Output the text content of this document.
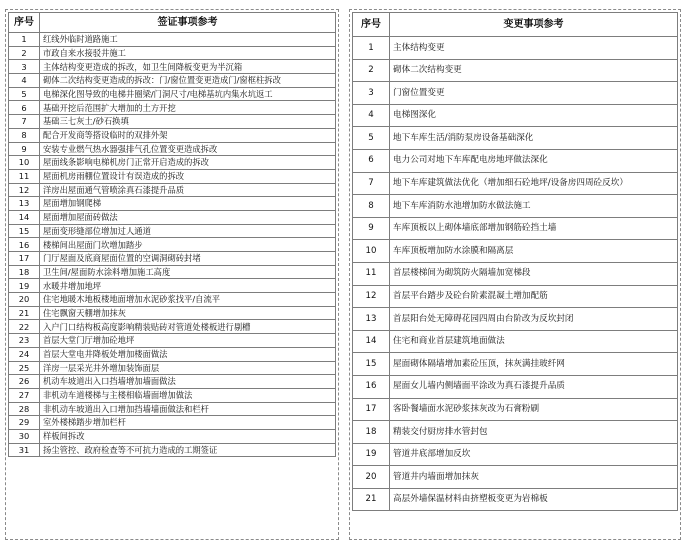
序号	签证事项参考
1	红线外临时道路施工
2	市政自来水接驳井施工
3	主体结构变更造成的拆改，如卫生间降板变更为半沉箱
4	砌体二次结构变更造成的拆改：门/窗位置变更造成门/窗框柱拆改
5	电梯深化图导致的电梯井圈梁/门洞尺寸/电梯基坑内集水坑返工
6	基础开挖后范围扩大增加的土方开挖
7	基础三七灰土/砂石换填
8	配合开发商等搭设临时的双排外架
9	安装专业燃气热水器强排气孔位置变更造成拆改
10	屋面线条影响电梯机房门正常开启造成的拆改
11	屋面机房雨棚位置设计有误造成的拆改
12	洋房出屋面通气管喷涂真石漆提升品质
13	屋面增加钢爬梯
14	屋面增加屋面砖做法
15	屋面变形缝部位增加过人通道
16	楼梯间出屋面门坎增加踏步
17	门厅屋面及底商屋面位置的空调洞砌砖封堵
18	卫生间/屋面防水涂料增加施工高度
19	水暖井增加地坪
20	住宅地暖木地板楼地面增加水泥砂浆找平/自流平
21	住宅飘窗天棚增加抹灰
22	入户门口结构板高度影响精装贴砖对管道处楼板进行剔槽
23	首层大堂门厅增加砼地坪
24	首层大堂电井降板处增加楼面做法
25	洋房一层采光井外增加装饰面层
26	机动车坡道出入口挡墙增加墙面做法
27	非机动车道楼梯与主楼相临墙面增加做法
28	非机动车坡道出入口增加挡墙墙面做法和栏杆
29	室外楼梯踏步增加栏杆
30	样板间拆改
31	扬尘管控、政府检查等不可抗力造成的工期签证
序号	变更事项参考
1	主体结构变更
2	砌体二次结构变更
3	门窗位置变更
4	电梯图深化
5	地下车库生活/消防泵房设备基础深化
6	电力公司对地下车库配电房地坪做法深化
7	地下车库建筑做法优化（增加细石砼地坪/设备房四周砼反坎）
8	地下车库消防水池增加防水做法施工
9	车库顶板以上砌体墙底部增加钢筋砼挡土墙
10	车库顶板增加防水涂膜和隔离层
11	首层楼梯间为砌筑防火隔墙加宽梯段
12	首层平台踏步及砼台阶素混凝土增加配筋
13	首层阳台处无障碍花园四周由台阶改为反坎封闭
14	住宅和商业首层建筑地面做法
15	屋面砌体隔墙增加素砼压顶，抹灰满挂玻纤网
16	屋面女儿墙内侧墙面平涂改为真石漆提升品质
17	客卧餐墙面水泥砂浆抹灰改为石膏粉刷
18	精装交付厨房排水管封包
19	管道井底部增加反坎
20	管道井内墙面增加抹灰
21	高层外墙保温材料由挤塑板变更为岩棉板
